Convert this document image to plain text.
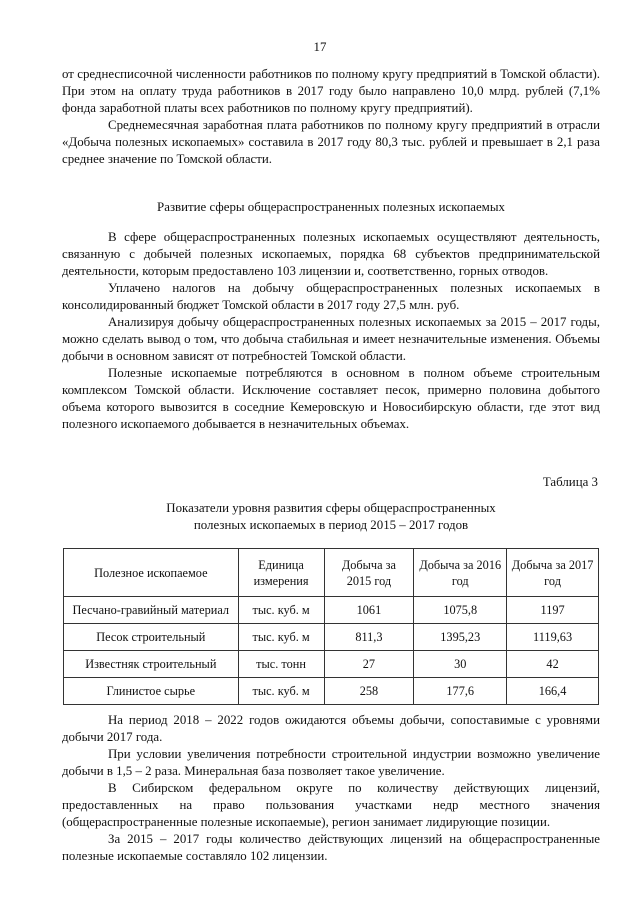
17

от среднесписочной численности работников по полному кругу предприятий в Томской области). При этом на оплату труда работников в 2017 году было направлено 10,0 млрд. рублей (7,1% фонда заработной платы всех работников по полному кругу предприятий).

Среднемесячная заработная плата работников по полному кругу предприятий в отрасли «Добыча полезных ископаемых» составила в 2017 году 80,3 тыс. рублей и превышает в 2,1 раза среднее значение по Томской области.

Развитие сферы общераспространенных полезных ископаемых

В сфере общераспространенных полезных ископаемых осуществляют деятельность, связанную с добычей полезных ископаемых, порядка 68 субъектов предпринимательской деятельности, которым предоставлено 103 лицензии и, соответственно, горных отводов.

Уплачено налогов на добычу общераспространенных полезных ископаемых в консолидированный бюджет Томской области в 2017 году 27,5 млн. руб.

Анализируя добычу общераспространенных полезных ископаемых за 2015 – 2017 годы, можно сделать вывод о том, что добыча стабильная и имеет незначительные изменения. Объемы добычи в основном зависят от потребностей Томской области.

Полезные ископаемые потребляются в основном в полном объеме строительным комплексом Томской области. Исключение составляет песок, примерно половина добытого объема которого вывозится в соседние Кемеровскую и Новосибирскую области, где этот вид полезного ископаемого добывается в незначительных объемах.

Таблица 3
Показатели уровня развития сферы общераспространенных
полезных ископаемых в период 2015 – 2017 годов
Полезное ископаемое	Единица измерения	Добыча за 2015 год	Добыча за 2016 год	Добыча за 2017 год
Песчано-гравийный материал	тыс. куб. м	1061	1075,8	1197
Песок строительный	тыс. куб. м	811,3	1395,23	1119,63
Известняк строительный	тыс. тонн	27	30	42
Глинистое сырье	тыс. куб. м	258	177,6	166,4

На период 2018 – 2022 годов ожидаются объемы добычи, сопоставимые с уровнями добычи 2017 года.

При условии увеличения потребности строительной индустрии возможно увеличение добычи в 1,5 – 2 раза. Минеральная база позволяет такое увеличение.

В Сибирском федеральном округе по количеству действующих лицензий, предоставленных на право пользования участками недр местного значения (общераспространенные полезные ископаемые), регион занимает лидирующие позиции.

За 2015 – 2017 годы количество действующих лицензий на общераспространенные полезные ископаемые составляло 102 лицензии.
